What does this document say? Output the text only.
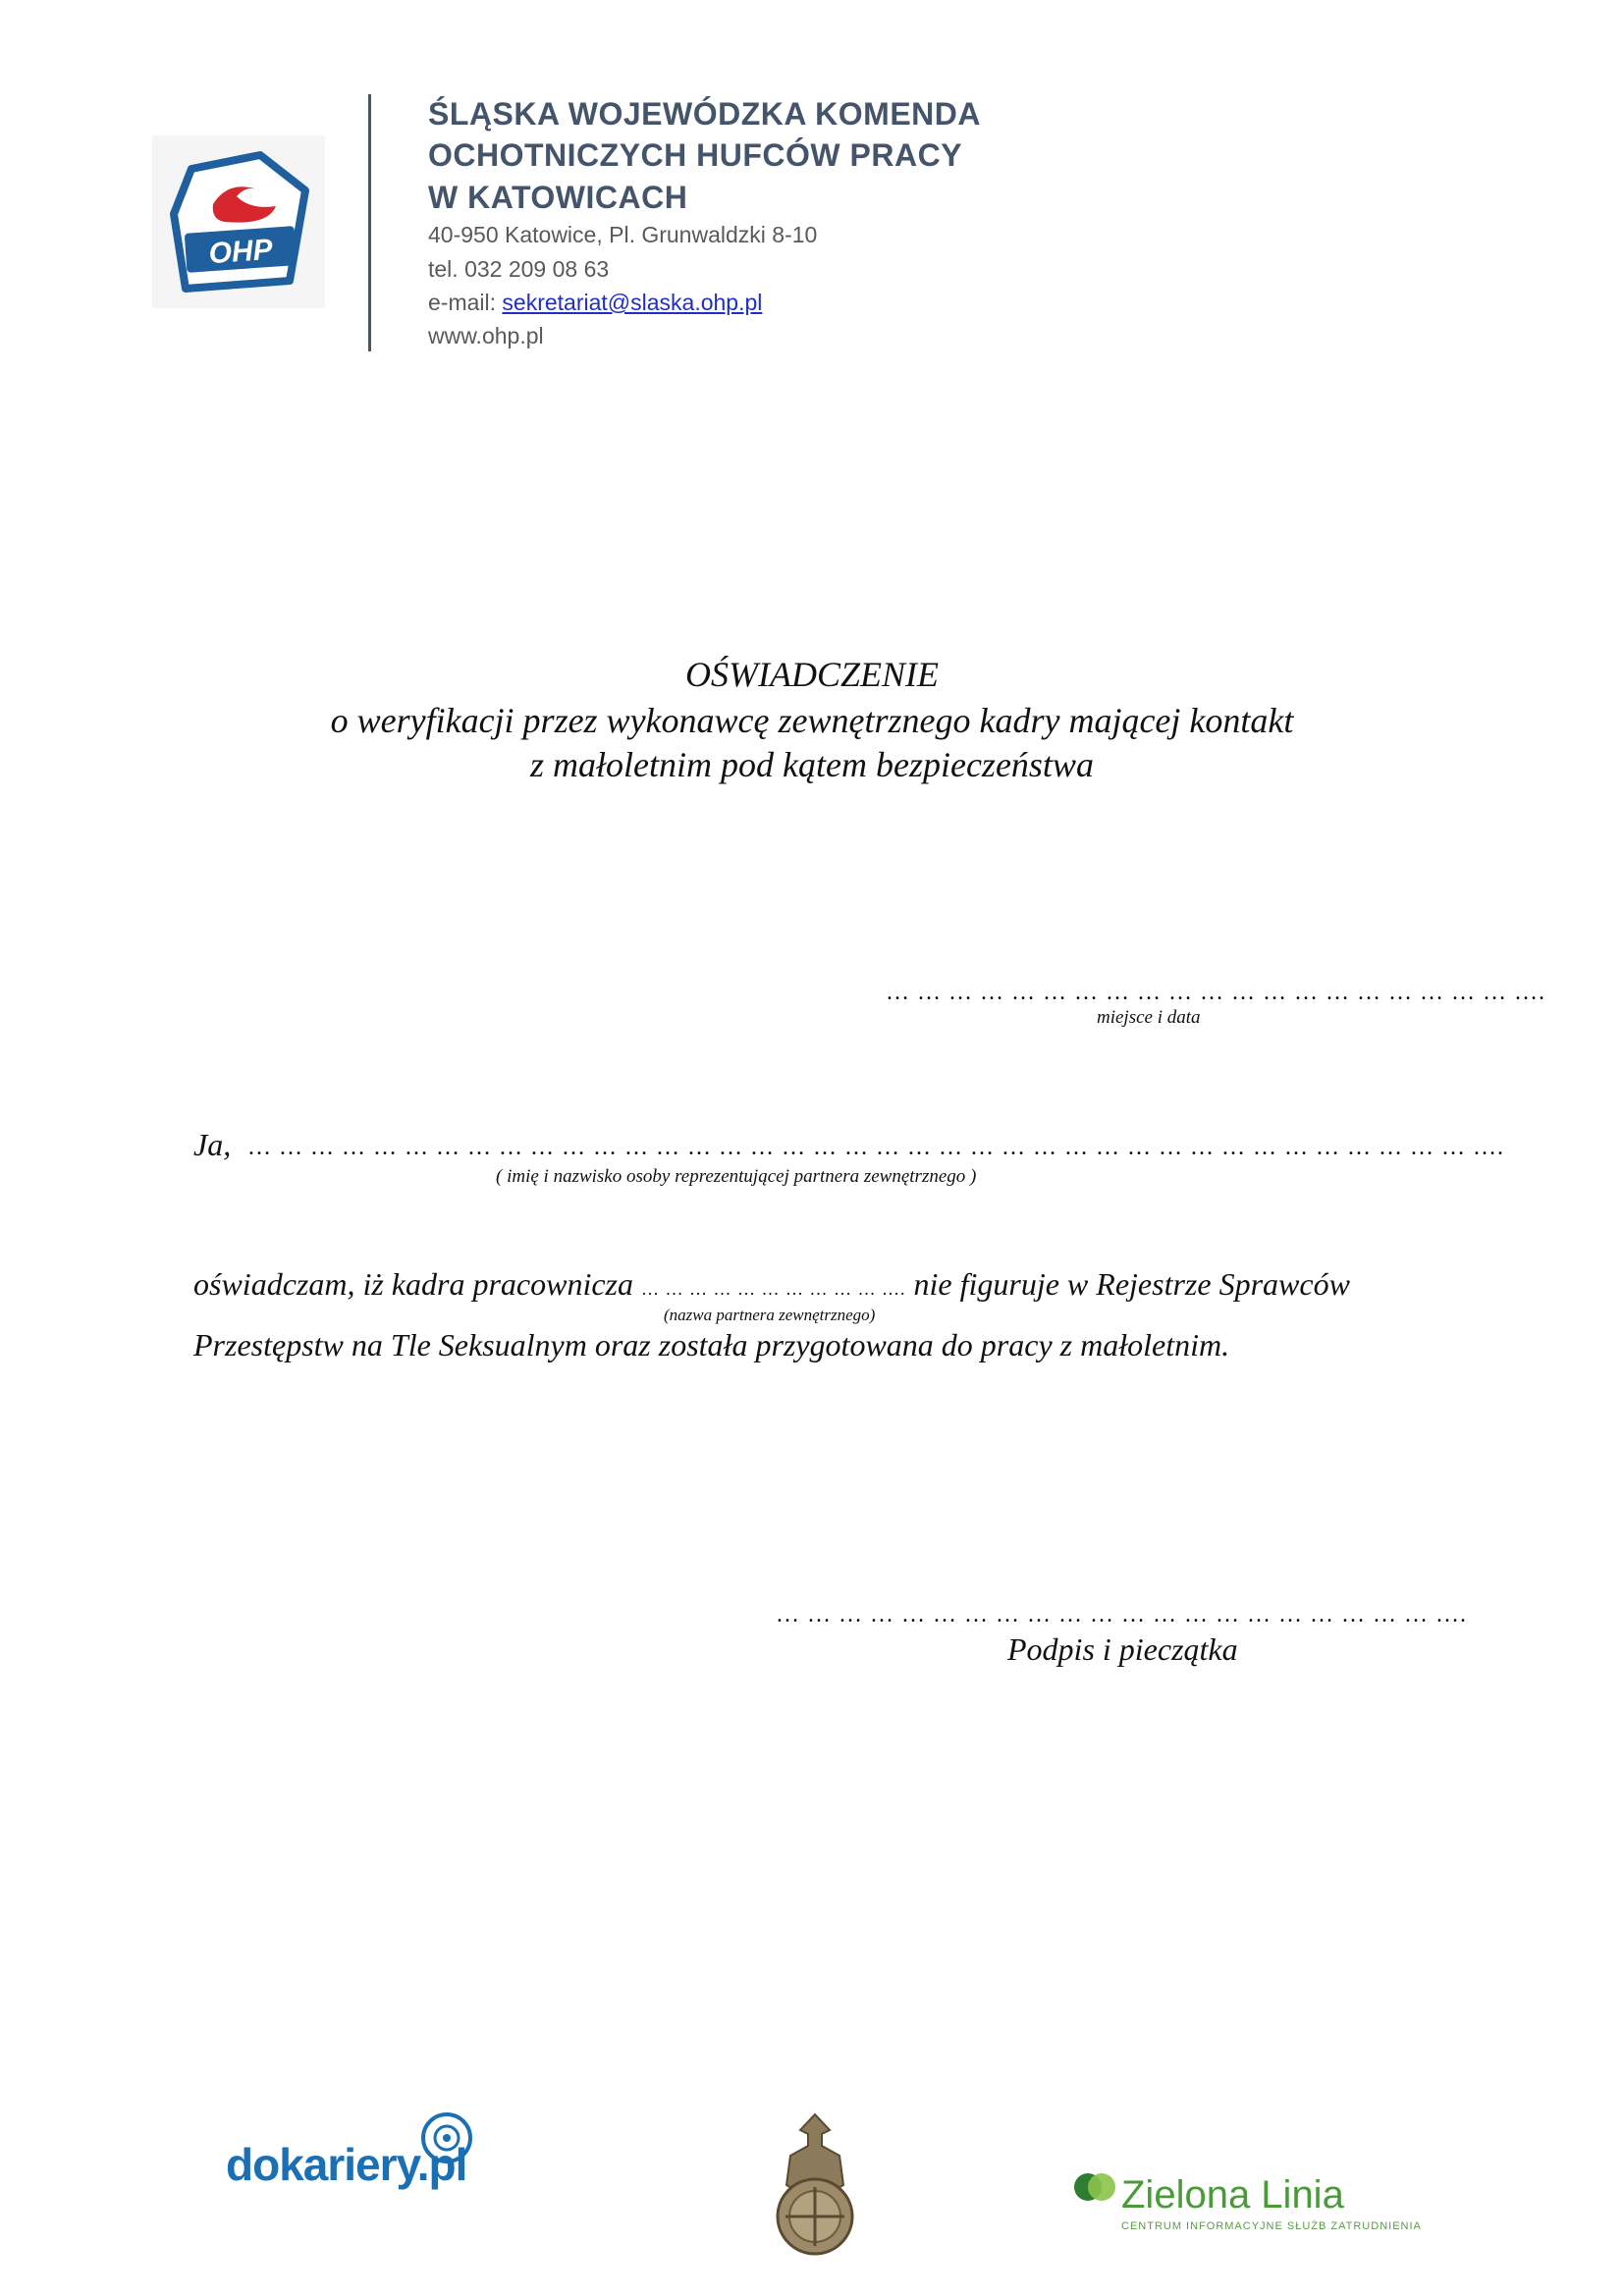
OHP
ŚLĄSKA WOJEWÓDZKA KOMENDA
OCHOTNICZYCH HUFCÓW PRACY
W KATOWICACH
40-950 Katowice, Pl. Grunwaldzki 8-10
tel. 032 209 08 63
e-mail: sekretariat@slaska.ohp.pl
www.ohp.pl
OŚWIADCZENIE
o weryfikacji przez wykonawcę zewnętrznego kadry mającej kontakt
z małoletnim pod kątem bezpieczeństwa
… … … … … … … … … … … … … … … … … … … … ….
miejsce i data
Ja, … … … … … … … … … … … … … … … … … … … … … … … … … … … … … … … … … … … … … … … ….
( imię i nazwisko osoby reprezentującej partnera zewnętrznego )
oświadczam, iż kadra pracownicza … … … … … … … … … … …. nie figuruje w Rejestrze Sprawców
(nazwa partnera zewnętrznego)
Przestępstw na Tle Seksualnym oraz została przygotowana do pracy z małoletnim.
… … … … … … … … … … … … … … … … … … … … … ….
Podpis i pieczątka
dokariery.pl
Zielona Linia
CENTRUM INFORMACYJNE SŁUŻB ZATRUDNIENIA
